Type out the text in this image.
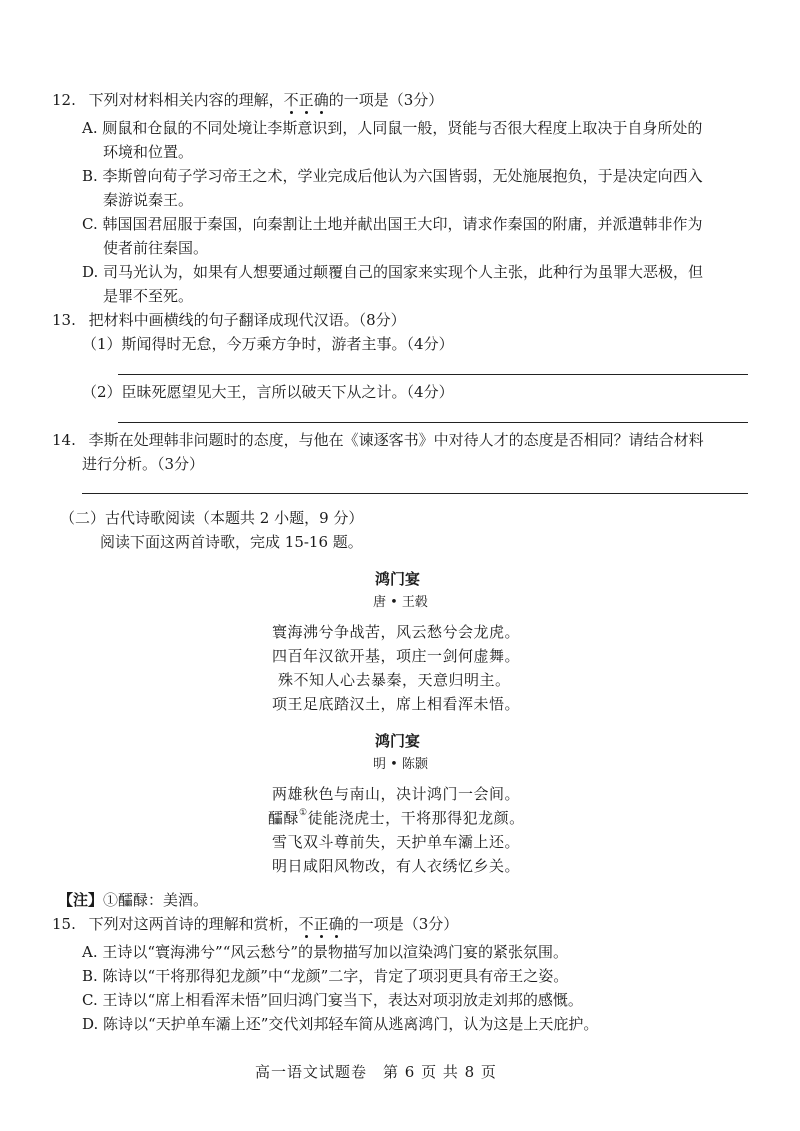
12. 下列对材料相关内容的理解，不正确的一项是（3分）
A. 厕鼠和仓鼠的不同处境让李斯意识到，人同鼠一般，贤能与否很大程度上取决于自身所处的
环境和位置。
B. 李斯曾向荀子学习帝王之术，学业完成后他认为六国皆弱，无处施展抱负，于是决定向西入
秦游说秦王。
C. 韩国国君屈服于秦国，向秦割让土地并献出国王大印，请求作秦国的附庸，并派遣韩非作为
使者前往秦国。
D. 司马光认为，如果有人想要通过颠覆自己的国家来实现个人主张，此种行为虽罪大恶极，但
是罪不至死。
13. 把材料中画横线的句子翻译成现代汉语。（8分）
（1）斯闻得时无怠，今万乘方争时，游者主事。（4分）
（2）臣昧死愿望见大王，言所以破天下从之计。（4分）
14. 李斯在处理韩非问题时的态度，与他在《谏逐客书》中对待人才的态度是否相同？请结合材料
进行分析。（3分）
（二）古代诗歌阅读（本题共 2 小题，9 分）
阅读下面这两首诗歌，完成 15-16 题。
鸿门宴
唐 • 王毂
寰海沸兮争战苦，风云愁兮会龙虎。
四百年汉欲开基，项庄一剑何虚舞。
殊不知人心去暴秦，天意归明主。
项王足底踏汉土，席上相看浑未悟。
鸿门宴
明 • 陈颢
两雄秋色与南山，决计鸿门一会间。
醽醁①徒能浇虎士，干将那得犯龙颜。
雪飞双斗尊前失，天护单车灞上还。
明日咸阳风物改，有人衣绣忆乡关。
【注】①醽醁：美酒。
15. 下列对这两首诗的理解和赏析，不正确的一项是（3分）
A. 王诗以“寰海沸兮”“风云愁兮”的景物描写加以渲染鸿门宴的紧张氛围。
B. 陈诗以“干将那得犯龙颜”中“龙颜”二字，肯定了项羽更具有帝王之姿。
C. 王诗以“席上相看浑未悟”回归鸿门宴当下，表达对项羽放走刘邦的感慨。
D. 陈诗以“天护单车灞上还”交代刘邦轻车简从逃离鸿门，认为这是上天庇护。
高一语文试题卷　第 6 页 共 8 页
